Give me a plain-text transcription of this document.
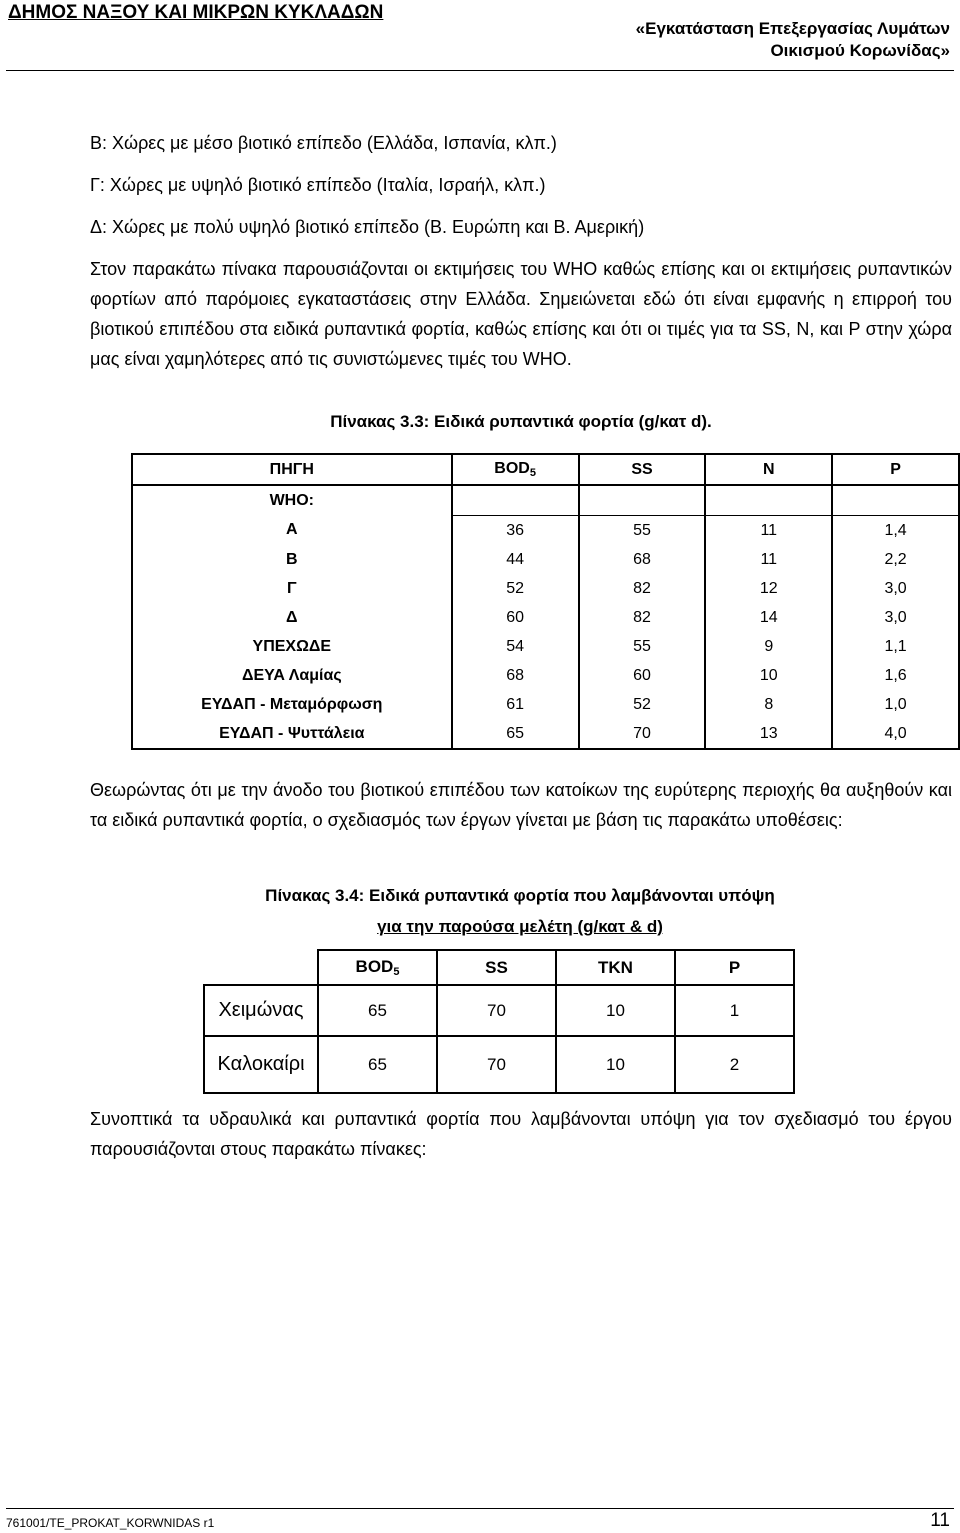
ΔΗΜΟΣ ΝΑΞΟΥ ΚΑΙ ΜΙΚΡΩΝ ΚΥΚΛΑΔΩΝ
«Εγκατάσταση Επεξεργασίας Λυμάτων
Οικισμού Κορωνίδας»
Β: Χώρες με μέσο βιοτικό επίπεδο (Ελλάδα, Ισπανία, κλπ.)
Γ: Χώρες με υψηλό βιοτικό επίπεδο (Ιταλία, Ισραήλ, κλπ.)
Δ: Χώρες με πολύ υψηλό βιοτικό επίπεδο (Β. Ευρώπη και Β. Αμερική)
Στον παρακάτω πίνακα παρουσιάζονται οι εκτιμήσεις του WHO καθώς επίσης και οι εκτιμήσεις ρυπαντικών φορτίων από παρόμοιες εγκαταστάσεις στην Ελλάδα. Σημειώνεται εδώ ότι είναι εμφανής η επιρροή του βιοτικού επιπέδου στα ειδικά ρυπαντικά φορτία, καθώς επίσης και ότι οι τιμές για τα SS, N, και P στην χώρα μας είναι χαμηλότερες από τις συνιστώμενες τιμές του WHO.
Πίνακας 3.3: Ειδικά ρυπαντικά φορτία (g/κατ d).
ΠΗΓΗ	$BOD_5$	SS	N	P
WHO:				
Α	36	55	11	1,4
Β	44	68	11	2,2
Γ	52	82	12	3,0
Δ	60	82	14	3,0
ΥΠΕΧΩΔΕ	54	55	9	1,1
ΔΕΥΑ Λαμίας	68	60	10	1,6
ΕΥΔΑΠ - Μεταμόρφωση	61	52	8	1,0
ΕΥΔΑΠ - Ψυττάλεια	65	70	13	4,0
Θεωρώντας ότι με την άνοδο του βιοτικού επιπέδου των κατοίκων της ευρύτερης περιοχής θα αυξηθούν και τα ειδικά ρυπαντικά φορτία, ο σχεδιασμός των έργων γίνεται με βάση τις παρακάτω υποθέσεις:
Πίνακας 3.4: Ειδικά ρυπαντικά φορτία που λαμβάνονται υπόψη
για την παρούσα μελέτη (g/κατ & d)
	$BOD_5$	SS	TKN	P
Χειμώνας	65	70	10	1
Καλοκαίρι	65	70	10	2
Συνοπτικά τα υδραυλικά και ρυπαντικά φορτία που λαμβάνονται υπόψη για τον σχεδιασμό του έργου παρουσιάζονται στους παρακάτω πίνακες:
761001/TE_PROKAT_KORWNIDAS r1	11
